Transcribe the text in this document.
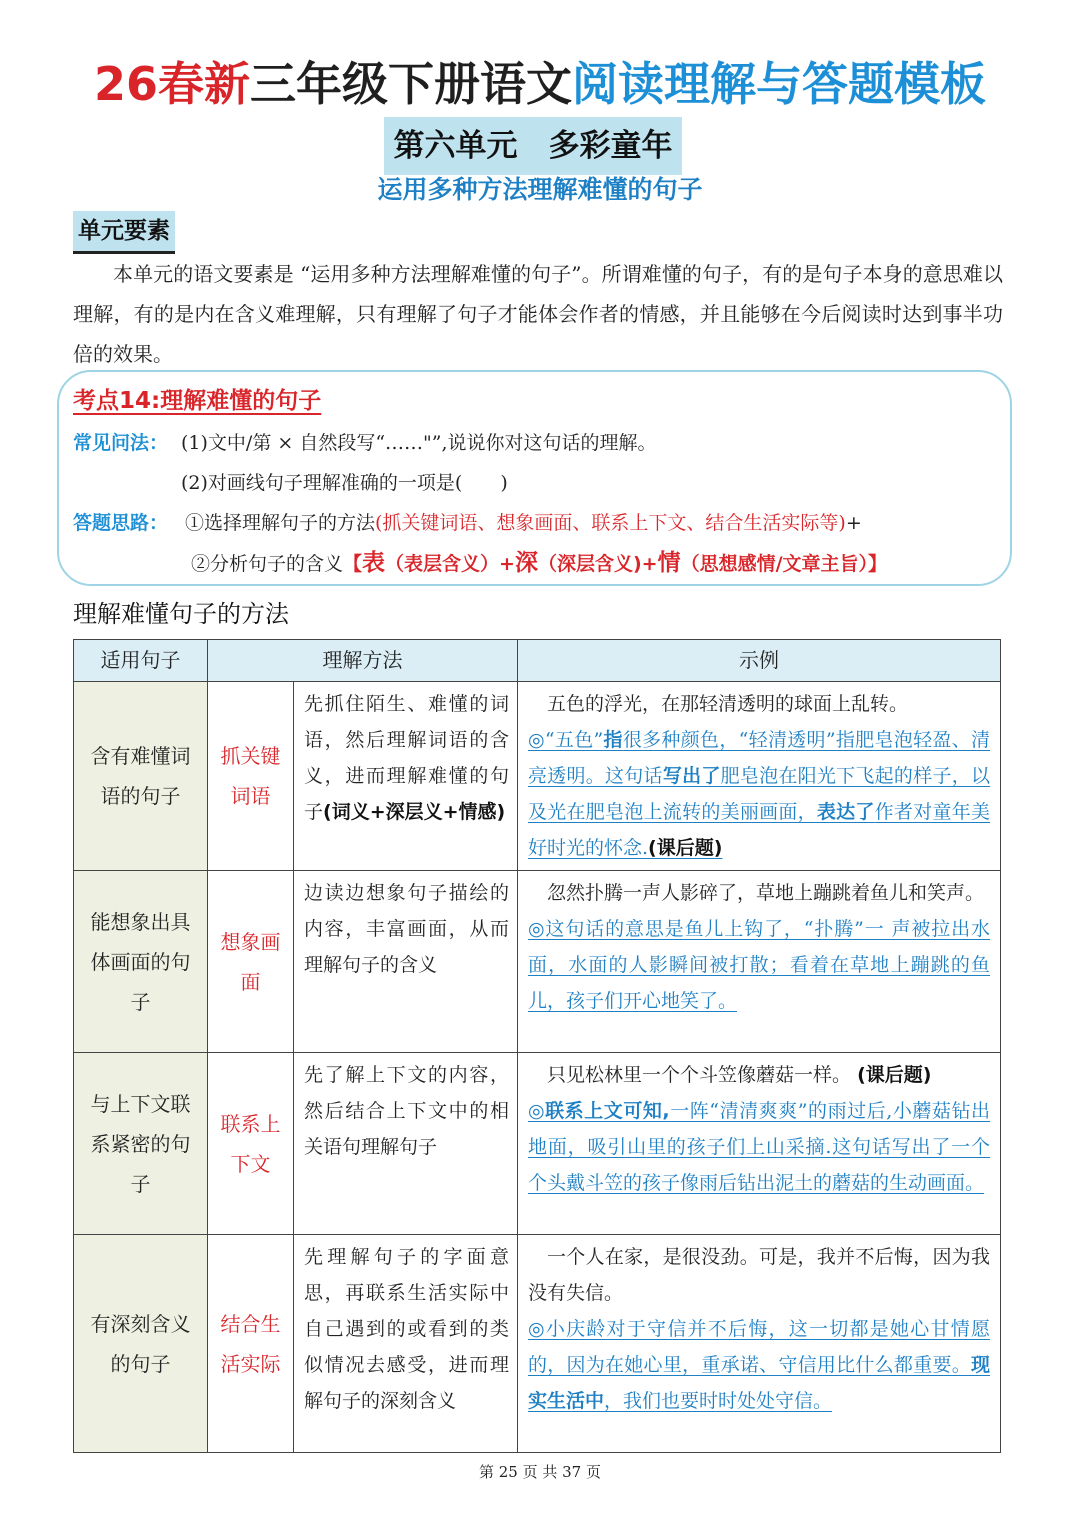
26春新三年级下册语文阅读理解与答题模板
第六单元　多彩童年
运用多种方法理解难懂的句子
单元要素

本单元的语文要素是 “运用多种方法理解难懂的句子”。所谓难懂的句子，有的是句子本身的意思难以理解，有的是内在含义难理解，只有理解了句子才能体会作者的情感，并且能够在今后阅读时达到事半功倍的效果。

考点14:理解难懂的句子
常见问法： (1)文中/第 × 自然段写“……"”,说说你对这句话的理解。
(2)对画线句子理解准确的一项是(　　)
答题思路： ①选择理解句子的方法(抓关键词语、想象画面、联系上下文、结合生活实际等)+
②分析句子的含义【表（表层含义）+深（深层含义)+情（思想感情/文章主旨）】
理解难懂句子的方法
适用句子	理解方法		示例
含有难懂词语的句子	抓关键词语	先抓住陌生、难懂的词语，然后理解词语的含义，进而理解难懂的句子(词义+深层义+情感)	五色的浮光，在那轻清透明的球面上乱转。
◎“五色”指很多种颜色，“轻清透明”指肥皂泡轻盈、清亮透明。这句话写出了肥皂泡在阳光下飞起的样子，以及光在肥皂泡上流转的美丽画面，表达了作者对童年美好时光的怀念.(课后题)

能想象出具体画面的句子	想象画面	边读边想象句子描绘的内容，丰富画面，从而理解句子的含义	忽然扑腾一声人影碎了，草地上蹦跳着鱼儿和笑声。
◎这句话的意思是鱼儿上钩了，“扑腾”一 声被拉出水面，水面的人影瞬间被打散；看着在草地上蹦跳的鱼儿，孩子们开心地笑了。

与上下文联系紧密的句子	联系上下文	先了解上下文的内容，然后结合上下文中的相关语句理解句子	只见松林里一个个斗笠像蘑菇一样。 (课后题)
◎联系上文可知,一阵“清清爽爽”的雨过后,小蘑菇钻出地面，吸引山里的孩子们上山采摘.这句话写出了一个个头戴斗笠的孩子像雨后钻出泥土的蘑菇的生动画面。

有深刻含义的句子	结合生活实际	先理解句子的字面意思，再联系生活实际中自己遇到的或看到的类似情况去感受，进而理解句子的深刻含义	一个人在家，是很没劲。可是，我并不后悔，因为我没有失信。
◎小庆龄对于守信并不后悔，这一切都是她心甘情愿的，因为在她心里，重承诺、守信用比什么都重要。现实生活中，我们也要时时处处守信。
第 25 页 共 37 页
